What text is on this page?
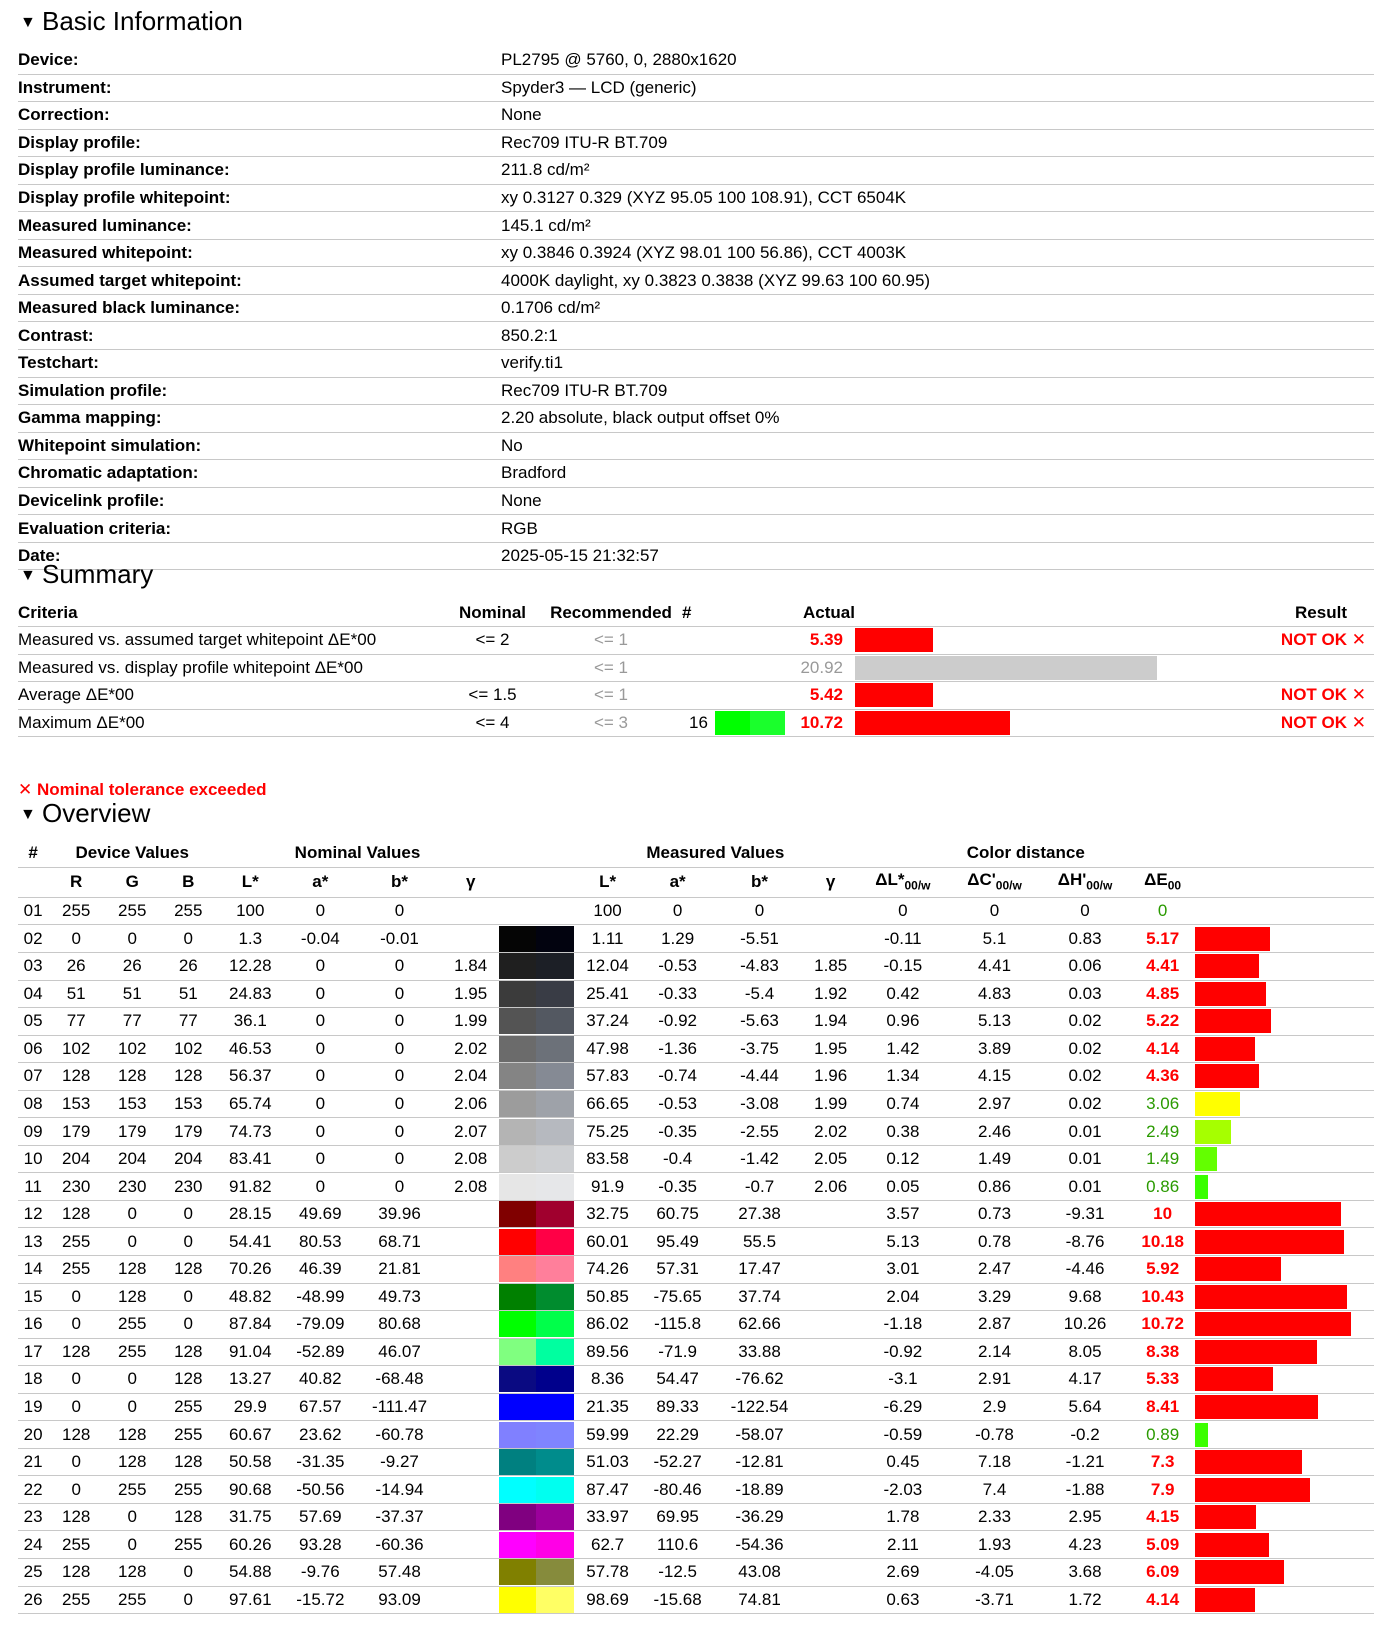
▼ Basic Information
Device:	PL2795 @ 5760, 0, 2880x1620
Instrument:	Spyder3 — LCD (generic)
Correction:	None
Display profile:	Rec709 ITU-R BT.709
Display profile luminance:	211.8 cd/m²
Display profile whitepoint:	xy 0.3127 0.329 (XYZ 95.05 100 108.91), CCT 6504K
Measured luminance:	145.1 cd/m²
Measured whitepoint:	xy 0.3846 0.3924 (XYZ 98.01 100 56.86), CCT 4003K
Assumed target whitepoint:	4000K daylight, xy 0.3823 0.3838 (XYZ 99.63 100 60.95)
Measured black luminance:	0.1706 cd/m²
Contrast:	850.2:1
Testchart:	verify.ti1
Simulation profile:	Rec709 ITU-R BT.709
Gamma mapping:	2.20 absolute, black output offset 0%
Whitepoint simulation:	No
Chromatic adaptation:	Bradford
Devicelink profile:	None
Evaluation criteria:	RGB
Date:	2025-05-15 21:32:57
▼ Summary
Criteria	Nominal	Recommended	#		Actual		Result
Measured vs. assumed target whitepoint ΔE*00	<= 2	<= 1			5.39		NOT OK ✕
Measured vs. display profile whitepoint ΔE*00		<= 1			20.92	

Average ΔE*00	<= 1.5	<= 1			5.42		NOT OK ✕
Maximum ΔE*00	<= 4	<= 3	16		10.72		NOT OK ✕
✕ Nominal tolerance exceeded
▼ Overview
#	Device Values			Nominal Values					Measured Values				Color distance				
	R	G	B	L*	a*	b*	γ		L*	a*	b*	γ	$\Delta L*_{00/w}$	$\Delta C'_{00/w}$	$\Delta H'_{00/w}$	$\Delta E_{00}$	
01	255	255	255	100	0	0			100	0	0		0	0	0	0	
02	0	0	0	1.3	-0.04	-0.01			1.11	1.29	-5.51		-0.11	5.1	0.83	5.17	

03	26	26	26	12.28	0	0	1.84		12.04	-0.53	-4.83	1.85	-0.15	4.41	0.06	4.41	

04	51	51	51	24.83	0	0	1.95		25.41	-0.33	-5.4	1.92	0.42	4.83	0.03	4.85	

05	77	77	77	36.1	0	0	1.99		37.24	-0.92	-5.63	1.94	0.96	5.13	0.02	5.22	

06	102	102	102	46.53	0	0	2.02		47.98	-1.36	-3.75	1.95	1.42	3.89	0.02	4.14	

07	128	128	128	56.37	0	0	2.04		57.83	-0.74	-4.44	1.96	1.34	4.15	0.02	4.36	

08	153	153	153	65.74	0	0	2.06		66.65	-0.53	-3.08	1.99	0.74	2.97	0.02	3.06	

09	179	179	179	74.73	0	0	2.07		75.25	-0.35	-2.55	2.02	0.38	2.46	0.01	2.49	

10	204	204	204	83.41	0	0	2.08		83.58	-0.4	-1.42	2.05	0.12	1.49	0.01	1.49	

11	230	230	230	91.82	0	0	2.08		91.9	-0.35	-0.7	2.06	0.05	0.86	0.01	0.86	

12	128	0	0	28.15	49.69	39.96			32.75	60.75	27.38		3.57	0.73	-9.31	10	

13	255	0	0	54.41	80.53	68.71			60.01	95.49	55.5		5.13	0.78	-8.76	10.18	

14	255	128	128	70.26	46.39	21.81			74.26	57.31	17.47		3.01	2.47	-4.46	5.92	

15	0	128	0	48.82	-48.99	49.73			50.85	-75.65	37.74		2.04	3.29	9.68	10.43	

16	0	255	0	87.84	-79.09	80.68			86.02	-115.8	62.66		-1.18	2.87	10.26	10.72	

17	128	255	128	91.04	-52.89	46.07			89.56	-71.9	33.88		-0.92	2.14	8.05	8.38	

18	0	0	128	13.27	40.82	-68.48			8.36	54.47	-76.62		-3.1	2.91	4.17	5.33	

19	0	0	255	29.9	67.57	-111.47			21.35	89.33	-122.54		-6.29	2.9	5.64	8.41	

20	128	128	255	60.67	23.62	-60.78			59.99	22.29	-58.07		-0.59	-0.78	-0.2	0.89	

21	0	128	128	50.58	-31.35	-9.27			51.03	-52.27	-12.81		0.45	7.18	-1.21	7.3	

22	0	255	255	90.68	-50.56	-14.94			87.47	-80.46	-18.89		-2.03	7.4	-1.88	7.9	

23	128	0	128	31.75	57.69	-37.37			33.97	69.95	-36.29		1.78	2.33	2.95	4.15	

24	255	0	255	60.26	93.28	-60.36			62.7	110.6	-54.36		2.11	1.93	4.23	5.09	

25	128	128	0	54.88	-9.76	57.48			57.78	-12.5	43.08		2.69	-4.05	3.68	6.09	

26	255	255	0	97.61	-15.72	93.09			98.69	-15.68	74.81		0.63	-3.71	1.72	4.14	
